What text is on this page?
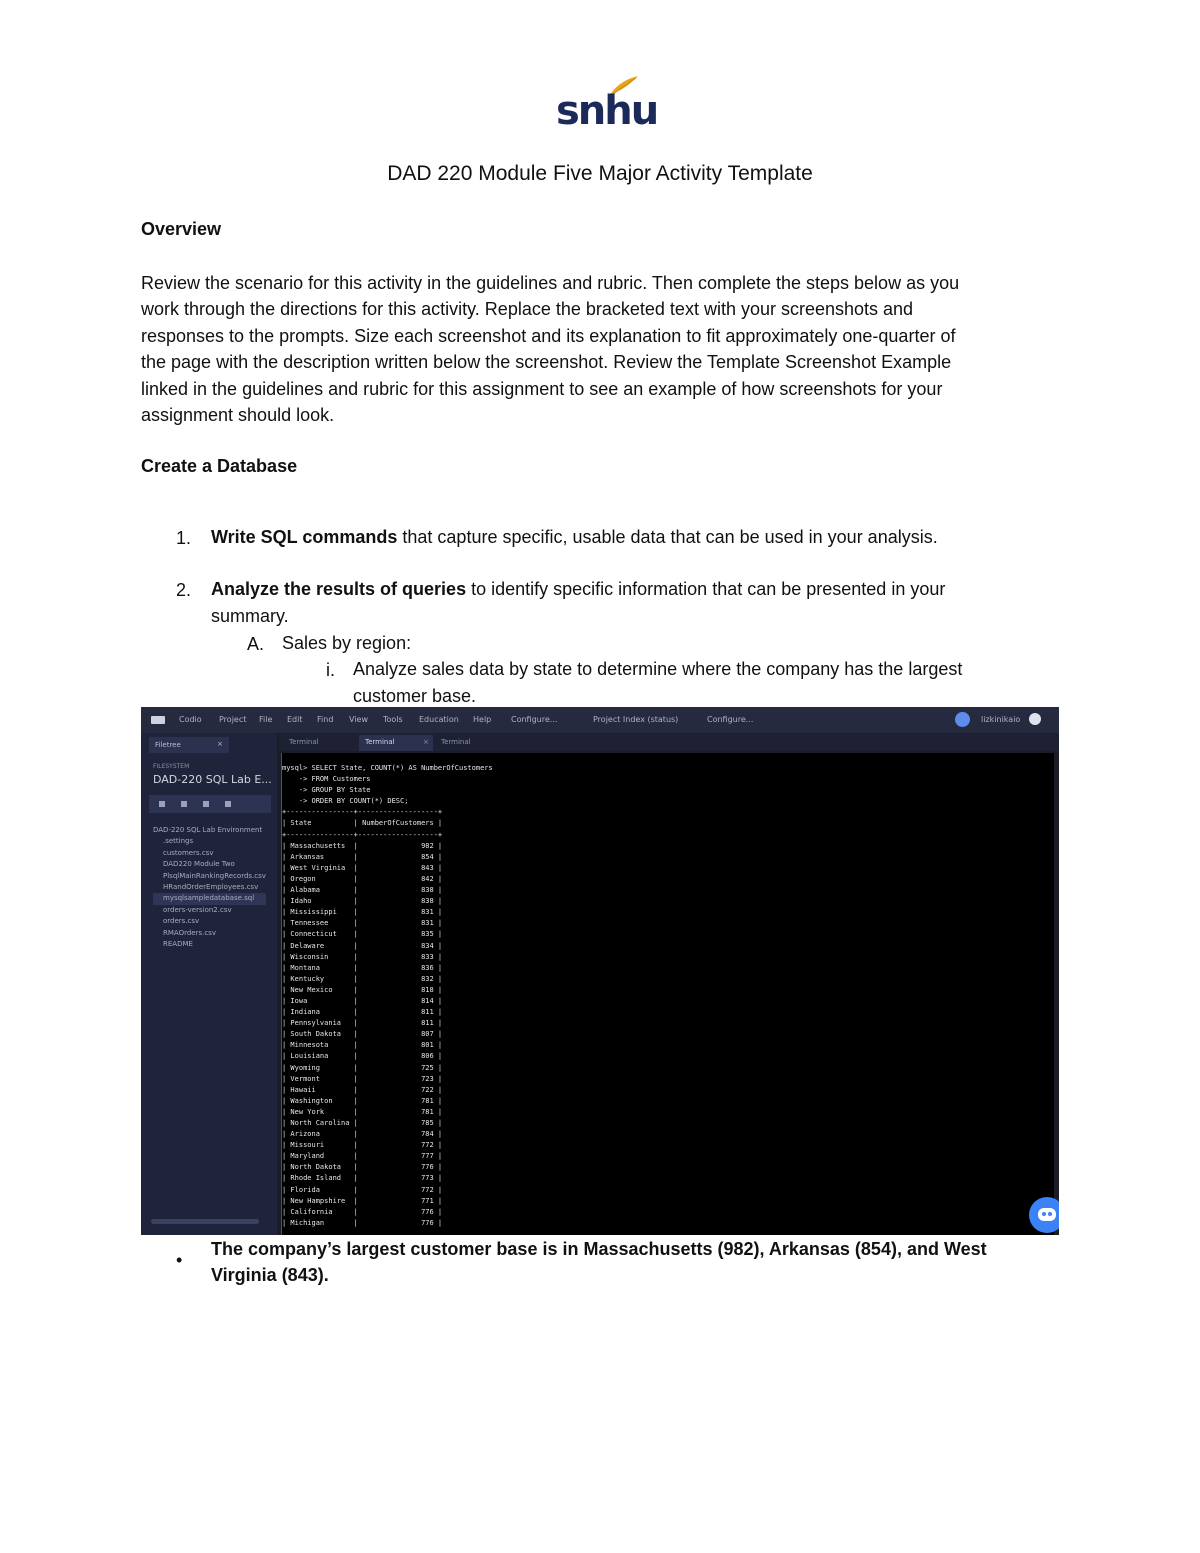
snhu
DAD 220 Module Five Major Activity Template
Overview
Review the scenario for this activity in the guidelines and rubric. Then complete the steps below as you
work through the directions for this activity. Replace the bracketed text with your screenshots and
responses to the prompts. Size each screenshot and its explanation to fit approximately one-quarter of
the page with the description written below the screenshot. Review the Template Screenshot Example
linked in the guidelines and rubric for this assignment to see an example of how screenshots for your
assignment should look.
Create a Database
1. Write SQL commands that capture specific, usable data that can be used in your analysis.
2. Analyze the results of queries to identify specific information that can be presented in your
summary.
A. Sales by region:
i. Analyze sales data by state to determine where the company has the largest
customer base.
Codio Project File Edit Find View Tools Education Help Configure...	Project Index (status)	Configure...	lizkinikaio
Filetree	×
FILESYSTEM
DAD-220 SQL Lab E...
DAD-220 SQL Lab Environment
.settings
customers.csv
DAD220 Module Two
PlsqlMainRankingRecords.csv
HRandOrderEmployees.csv
mysqlsampledatabase.sql
orders-version2.csv
orders.csv
RMAOrders.csv
README
Terminal	Terminal	× Terminal
mysql> SELECT State, COUNT(*) AS NumberOfCustomers
-> FROM Customers
-> GROUP BY State
-> ORDER BY COUNT(*) DESC;
+----------------+-------------------+
| State          | NumberOfCustomers |
+----------------+-------------------+
| Massachusetts  |               982 |
| Arkansas       |               854 |
| West Virginia  |               843 |
| Oregon         |               842 |
| Alabama        |               838 |
| Idaho          |               838 |
| Mississippi    |               831 |
| Tennessee      |               831 |
| Connecticut    |               835 |
| Delaware       |               834 |
| Wisconsin      |               833 |
| Montana        |               836 |
| Kentucky       |               832 |
| New Mexico     |               818 |
| Iowa           |               814 |
| Indiana        |               811 |
| Pennsylvania   |               811 |
| South Dakota   |               807 |
| Minnesota      |               801 |
| Louisiana      |               806 |
| Wyoming        |               725 |
| Vermont        |               723 |
| Hawaii         |               722 |
| Washington     |               781 |
| New York       |               781 |
| North Carolina |               785 |
| Arizona        |               784 |
| Missouri       |               772 |
| Maryland       |               777 |
| North Dakota   |               776 |
| Rhode Island   |               773 |
| Florida        |               772 |
| New Hampshire  |               771 |
| California     |               776 |
| Michigan       |               776 |
•
The company’s largest customer base is in Massachusetts (982), Arkansas (854), and West
Virginia (843).
